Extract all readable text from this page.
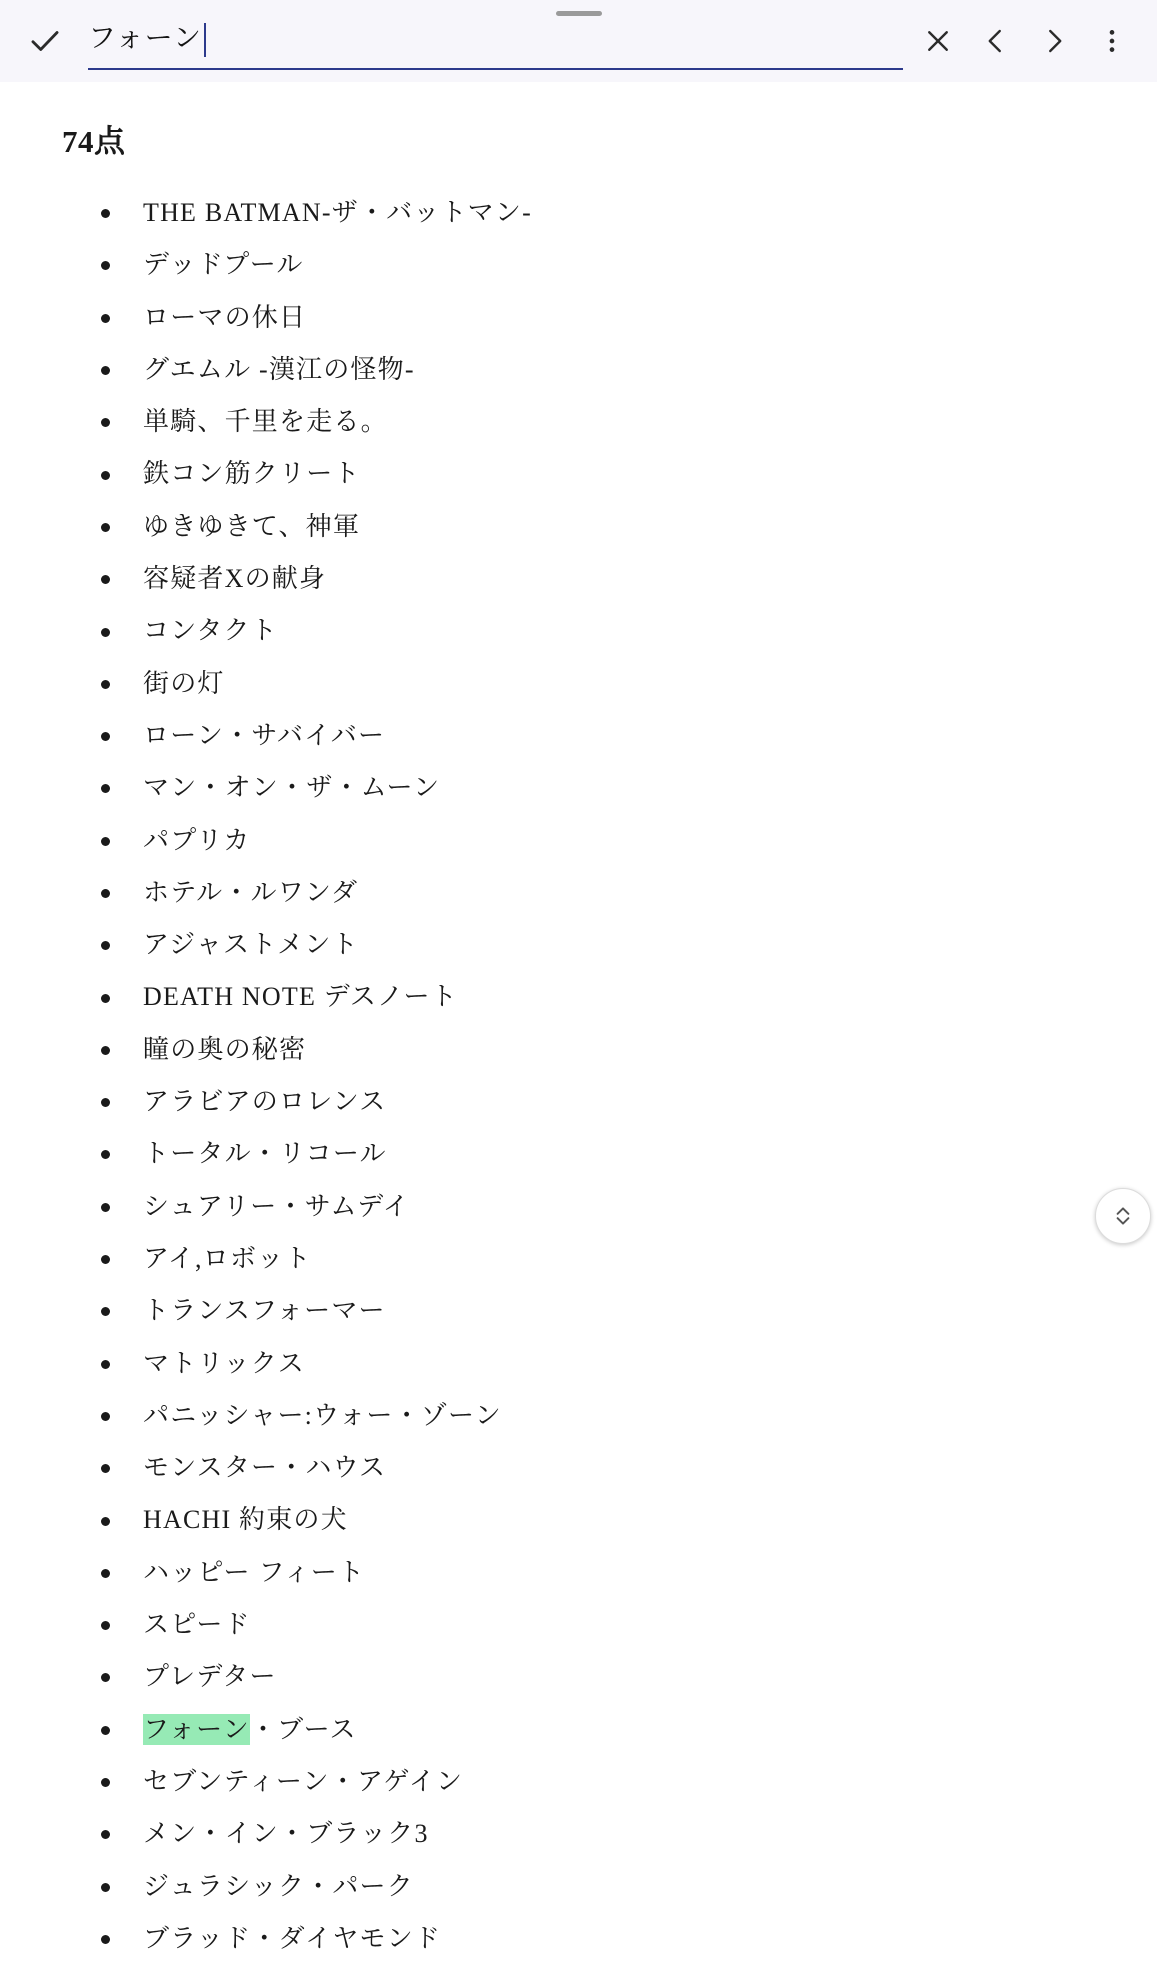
フォーン
74点
THE BATMAN-ザ・バットマン-
デッドプール
ローマの休日
グエムル -漢江の怪物-
単騎、千里を走る。
鉄コン筋クリート
ゆきゆきて、神軍
容疑者Xの献身
コンタクト
街の灯
ローン・サバイバー
マン・オン・ザ・ムーン
パプリカ
ホテル・ルワンダ
アジャストメント
DEATH NOTE デスノート
瞳の奥の秘密
アラビアのロレンス
トータル・リコール
シュアリー・サムデイ
アイ,ロボット
トランスフォーマー
マトリックス
パニッシャー:ウォー・ゾーン
モンスター・ハウス
HACHI 約束の犬
ハッピー フィート
スピード
プレデター
フォーン・ブース
セブンティーン・アゲイン
メン・イン・ブラック3
ジュラシック・パーク
ブラッド・ダイヤモンド
